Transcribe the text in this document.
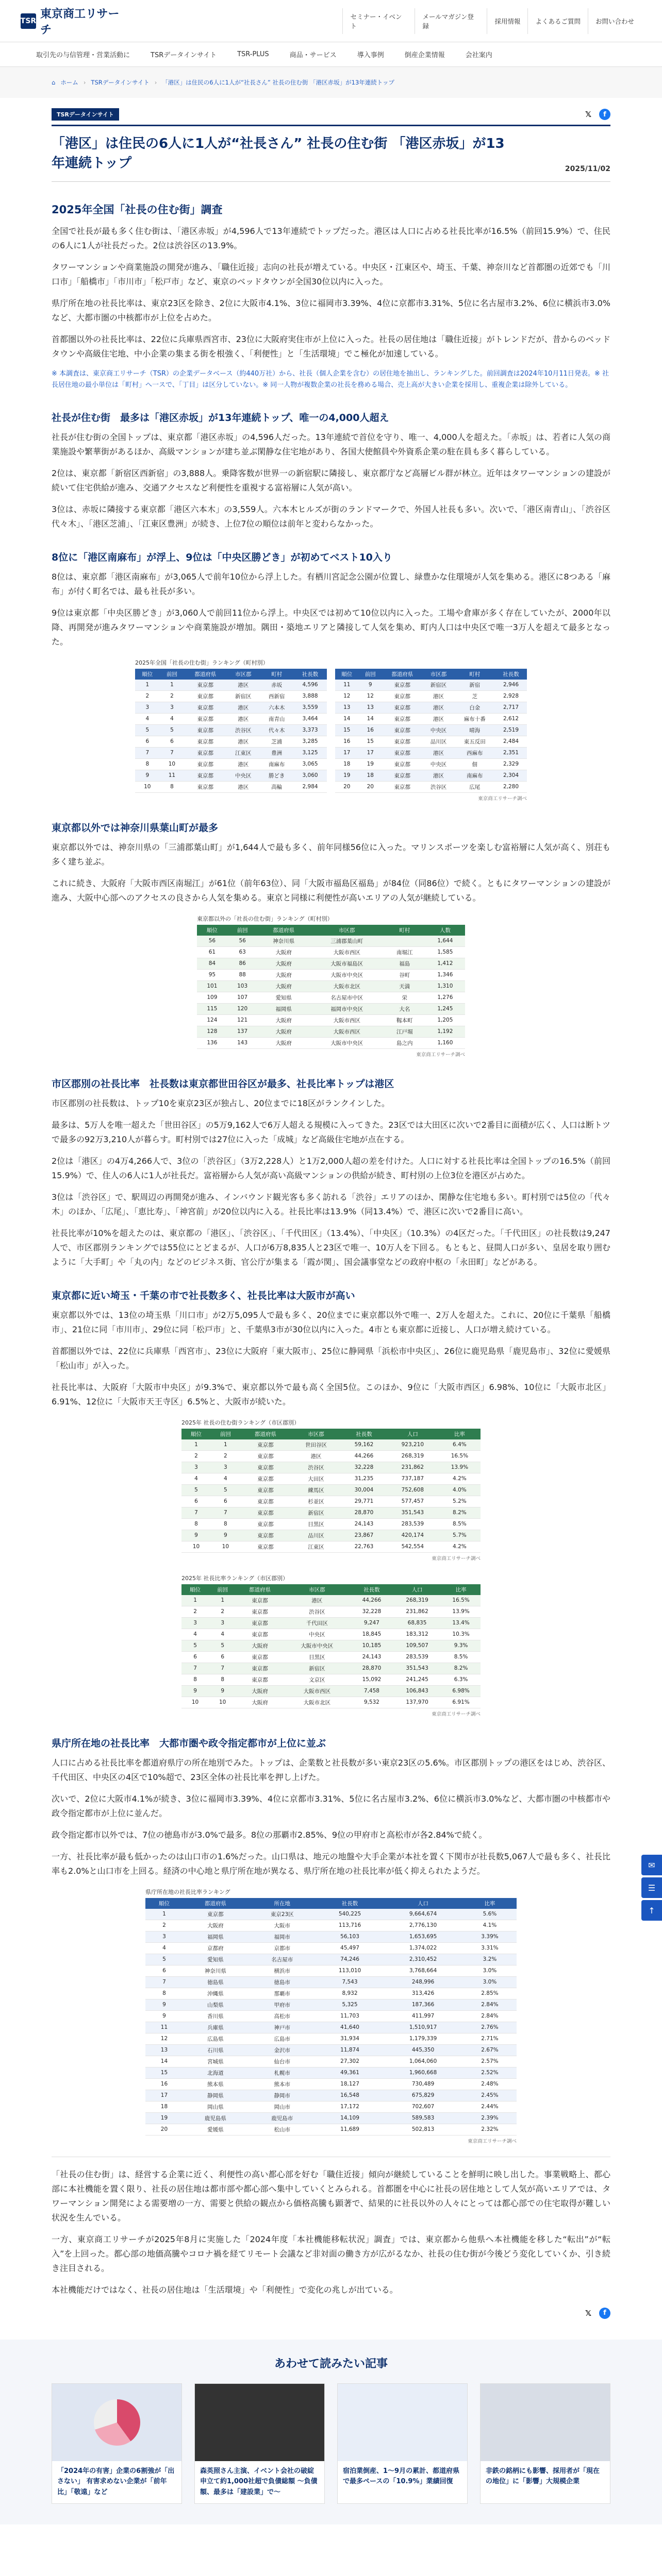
TSR
東京商工リサーチ
セミナー・イベント
メールマガジン登録
採用情報	よくあるご質問	お問い合わせ
取引先の与信管理・営業活動に	TSRデータインサイト	TSR-PLUS	商品・サービス	導入事例	倒産企業情報	会社案内
⌂ ホーム › TSRデータインサイト › 「港区」は住民の6人に1人が“社長さん” 社長の住む街 「港区赤坂」が13年連続トップ
TSRデータインサイト	𝕏	f
「港区」は住民の6人に1人が“社長さん” 社長の住む街 「港区赤坂」が13年連続トップ	2025/11/02
2025年全国「社長の住む街」調査

全国で社長が最も多く住む街は、「港区赤坂」が4,596人で13年連続でトップだった。港区は人口に占める社長比率が16.5%（前回15.9%）で、住民の6人に1人が社長だった。2位は渋谷区の13.9%。

タワーマンションや商業施設の開発が進み、「職住近接」志向の社長が増えている。中央区・江東区や、埼玉、千葉、神奈川など首都圏の近郊でも「川口市」「船橋市」「市川市」「松戸市」など、東京のベッドタウンが全国30位以内に入った。

県庁所在地の社長比率は、東京23区を除き、2位に大阪市4.1%、3位に福岡市3.39%、4位に京都市3.31%、5位に名古屋市3.2%、6位に横浜市3.0%など、大都市圏の中核都市が上位を占めた。

首都圏以外の社長比率は、22位に兵庫県西宮市、23位に大阪府実住市が上位に入った。社長の居住地は「職住近接」がトレンドだが、昔からのベッドタウンや高級住宅地、中小企業の集まる街を根強く、「利便性」と「生活環境」でこ極化が加速している。

※ 本調査は、東京商工リサーチ（TSR）の企業データベース（約440万社）から、社長（個人企業を含む）の居住地を抽出し、ランキングした。前回調査は2024年10月11日発表。※ 社長居住地の最小単位は「町村」へ一スで、「丁目」は区分していない。※ 同一人物が複数企業の社長を務める場合、売上高が大きい企業を採用し、重複企業は除外している。

社長が住む街　最多は「港区赤坂」が13年連続トップ、唯一の4,000人超え

社長が住む街の全国トップは、東京都「港区赤坂」の4,596人だった。13年連続で首位を守り、唯一、4,000人を超えた。「赤坂」は、若者に人気の商業施設や繁華街があるほか、高級マンションが建ち並ぶ閑静な住宅地があり、各国大使館員や外資系企業の駐在員も多く暮らしている。

2位は、東京都「新宿区西新宿」の3,888人。乗降客数が世界一の新宿駅に隣接し、東京都庁など高層ビル群が林立。近年はタワーマンションの建設が続いて住宅供給が進み、交通アクセスなど利便性を重視する富裕層に人気が高い。

3位は、赤坂に隣接する東京都「港区六本木」の3,559人。六本木ヒルズが街のランドマークで、外国人社長も多い。次いで、「港区南青山」、「渋谷区代々木」、「港区芝浦」、「江東区豊洲」が続き、上位7位の順位は前年と変わらなかった。

8位に「港区南麻布」が浮上、9位は「中央区勝どき」が初めてベスト10入り

8位は、東京都「港区南麻布」が3,065人で前年10位から浮上した。有栖川宮記念公園が位置し、緑豊かな住環境が人気を集める。港区に8つある「麻布」が付く町名では、最も社長が多い。

9位は東京都「中央区勝どき」が3,060人で前回11位から浮上。中央区では初めて10位以内に入った。工場や倉庫が多く存在していたが、2000年以降、再開発が進みタワーマンションや商業施設が増加。隅田・築地エリアと隣接して人気を集め、町内人口は中央区で唯一3万人を超えて最多となった。

2025年全国「社長の住む街」ランキング（町村別）
順位	前回	都道府県	市区郡	町村	社長数
1	1	東京都	港区	赤坂	4,596
2	2	東京都	新宿区	西新宿	3,888
3	3	東京都	港区	六本木	3,559
4	4	東京都	港区	南青山	3,464
5	5	東京都	渋谷区	代々木	3,373
6	6	東京都	港区	芝浦	3,285
7	7	東京都	江東区	豊洲	3,125
8	10	東京都	港区	南麻布	3,065
9	11	東京都	中央区	勝どき	3,060
10	8	東京都	港区	高輪	2,984
順位	前回	都道府県	市区郡	町村	社長数
11	9	東京都	新宿区	新宿	2,946
12	12	東京都	港区	芝	2,928
13	13	東京都	港区	白金	2,717
14	14	東京都	港区	麻布十番	2,612
15	16	東京都	中央区	晴海	2,519
16	15	東京都	品川区	東五反田	2,484
17	17	東京都	港区	西麻布	2,351
18	19	東京都	中央区	佃	2,329
19	18	東京都	港区	南麻布	2,304
20	20	東京都	渋谷区	広尾	2,280
東京商工リサーチ調べ
東京都以外では神奈川県葉山町が最多

東京都以外では、神奈川県の「三浦郡葉山町」が1,644人で最も多く、前年同様56位に入った。マリンスポーツを楽しむ富裕層に人気が高く、別荘も多く建ち並ぶ。

これに続き、大阪府「大阪市西区南堀江」が61位（前年63位）、同「大阪市福島区福島」が84位（同86位）で続く。ともにタワーマンションの建設が進み、大阪中心部へのアクセスの良さから人気を集める。東京と同様に利便性が高いエリアの人気が継続している。

東京都以外の「社長の住む街」ランキング（町村別）
順位	前回	都道府県	市区郡	町村	人数
56	56	神奈川県	三浦郡葉山町		1,644
61	63	大阪府	大阪市西区	南堀江	1,585
84	86	大阪府	大阪市福島区	福島	1,412
95	88	大阪府	大阪市中央区	谷町	1,346
101	103	大阪府	大阪市北区	天満	1,310
109	107	愛知県	名古屋市中区	栄	1,276
115	120	福岡県	福岡市中央区	大名	1,245
124	121	大阪府	大阪市西区	靱本町	1,205
128	137	大阪府	大阪市西区	江戸堀	1,192
136	143	大阪府	大阪市中央区	島之内	1,160
東京商工リサーチ調べ
市区郡別の社長比率　社長数は東京都世田谷区が最多、社長比率トップは港区

市区郡別の社長数は、トップ10を東京23区が独占し、20位までに18区がランクインした。

最多は、5万人を唯一超えた「世田谷区」の5万9,162人で6万人超える規模に入ってきた。23区では大田区に次いで2番目に面積が広く、人口は断トツで最多の92万3,210人が暮らす。町村別では27位に入った「成城」など高級住宅地が点在する。

2位は「港区」の4万4,266人で、3位の「渋谷区」（3万2,228人）と1万2,000人超の差を付けた。人口に対する社長比率は全国トップの16.5%（前回15.9%）で、住人の6人に1人が社長だ。富裕層から人気が高い高級マンションの供給が続き、町村別の上位3位を港区が占めた。

3位は「渋谷区」で、駅周辺の再開発が進み、インバウンド観光客も多く訪れる「渋谷」エリアのほか、閑静な住宅地も多い。町村別では5位の「代々木」のほか、「広尾」、「恵比寿」、「神宮前」が20位以内に入る。社長比率は13.9%（同13.4%）で、港区に次いで2番目に高い。

社長比率が10%を超えたのは、東京都の「港区」、「渋谷区」、「千代田区」（13.4%）、「中央区」（10.3%）の4区だった。「千代田区」の社長数は9,247人で、市区郡別ランキングでは55位にとどまるが、人口が6万8,835人と23区で唯一、10万人を下回る。もともと、昼間人口が多い、皇居を取り囲むように「大手町」や「丸の内」などのビジネス街、官公庁が集まる「霞が関」、国会議事堂などの政府中枢の「永田町」などがある。

東京都に近い埼玉・千葉の市で社長数多く、社長比率は大阪市が高い

東京都以外では、13位の埼玉県「川口市」が2万5,095人で最も多く、20位までに東京都以外で唯一、2万人を超えた。これに、20位に千葉県「船橋市」、21位に同「市川市」、29位に同「松戸市」と、千葉県3市が30位以内に入った。4市とも東京都に近接し、人口が増え続けている。

首都圏以外では、22位に兵庫県「西宮市」、23位に大阪府「東大阪市」、25位に静岡県「浜松市中央区」、26位に鹿児島県「鹿児島市」、32位に愛媛県「松山市」が入った。

社長比率は、大阪府「大阪市中央区」が9.3%で、東京都以外で最も高く全国5位。このほか、9位に「大阪市西区」6.98%、10位に「大阪市北区」6.91%、12位に「大阪市天王寺区」6.5%と、大阪市が続いた。

2025年 社長の住む街ランキング（市区郡別）
順位	前回	都道府県	市区郡	社長数	人口	比率
1	1	東京都	世田谷区	59,162	923,210	6.4%
2	2	東京都	港区	44,266	268,319	16.5%
3	3	東京都	渋谷区	32,228	231,862	13.9%
4	4	東京都	大田区	31,235	737,187	4.2%
5	5	東京都	練馬区	30,004	752,608	4.0%
6	6	東京都	杉並区	29,771	577,457	5.2%
7	7	東京都	新宿区	28,870	351,543	8.2%
8	8	東京都	目黒区	24,143	283,539	8.5%
9	9	東京都	品川区	23,867	420,174	5.7%
10	10	東京都	江東区	22,763	542,554	4.2%
東京商工リサーチ調べ
2025年 社長比率ランキング（市区郡別）
順位	前回	都道府県	市区郡	社長数	人口	比率
1	1	東京都	港区	44,266	268,319	16.5%
2	2	東京都	渋谷区	32,228	231,862	13.9%
3	3	東京都	千代田区	9,247	68,835	13.4%
4	4	東京都	中央区	18,845	183,312	10.3%
5	5	大阪府	大阪市中央区	10,185	109,507	9.3%
6	6	東京都	目黒区	24,143	283,539	8.5%
7	7	東京都	新宿区	28,870	351,543	8.2%
8	8	東京都	文京区	15,092	241,245	6.3%
9	9	大阪府	大阪市西区	7,458	106,843	6.98%
10	10	大阪府	大阪市北区	9,532	137,970	6.91%
東京商工リサーチ調べ
県庁所在地の社長比率　大都市圏や政令指定都市が上位に並ぶ

人口に占める社長比率を都道府県庁の所在地別でみた。トップは、企業数と社長数が多い東京23区の5.6%。市区郡別トップの港区をはじめ、渋谷区、千代田区、中央区の4区で10%超で、23区全体の社長比率を押し上げた。

次いで、2位に大阪市4.1%が続き、3位に福岡市3.39%、4位に京都市3.31%、5位に名古屋市3.2%、6位に横浜市3.0%など、大都市圏の中核都市や政令指定都市が上位に並んだ。

政令指定都市以外では、7位の徳島市が3.0%で最多。8位の那覇市2.85%、9位の甲府市と高松市が各2.84%で続く。

一方、社長比率が最も低かったのは山口市の1.6%だった。山口県は、地元の地盤や大手企業が本社を置く下関市が社長数5,067人で最も多く、社長比率も2.0%と山口市を上回る。経済の中心地と県庁所在地が異なる、県庁所在地の社長比率が低く抑えられたようだ。

県庁所在地の社長比率ランキング
順位	都道府県	所在地	社長数	人口	比率
1	東京都	東京23区	540,225	9,664,674	5.6%
2	大阪府	大阪市	113,716	2,776,130	4.1%
3	福岡県	福岡市	56,103	1,653,695	3.39%
4	京都府	京都市	45,497	1,374,022	3.31%
5	愛知県	名古屋市	74,246	2,310,452	3.2%
6	神奈川県	横浜市	113,010	3,768,664	3.0%
7	徳島県	徳島市	7,543	248,996	3.0%
8	沖縄県	那覇市	8,932	313,426	2.85%
9	山梨県	甲府市	5,325	187,366	2.84%
9	香川県	高松市	11,703	411,997	2.84%
11	兵庫県	神戸市	41,640	1,510,917	2.76%
12	広島県	広島市	31,934	1,179,339	2.71%
13	石川県	金沢市	11,874	445,350	2.67%
14	宮城県	仙台市	27,302	1,064,060	2.57%
15	北海道	札幌市	49,361	1,960,668	2.52%
16	熊本県	熊本市	18,127	730,489	2.48%
17	静岡県	静岡市	16,548	675,829	2.45%
18	岡山県	岡山市	17,172	702,607	2.44%
19	鹿児島県	鹿児島市	14,109	589,583	2.39%
20	愛媛県	松山市	11,689	502,813	2.32%
東京商工リサーチ調べ

「社長の住む街」は、経営する企業に近く、利便性の高い都心部を好む「職住近接」傾向が継続していることを鮮明に映し出した。事業戦略上、都心部に本社機能を置く限り、社長の居住地は都市部や都心部へ集中していくとみられる。首都圏を中心に社長の居住地として人気が高いエリアでは、タワーマンション開発による需要増の一方、需要と供給の観点から価格高騰も顕著で、結果的に社長以外の人々にとっては都心部での住宅取得が難しい状況を生んでいる。

一方、東京商工リサーチが2025年8月に実施した「2024年度「本社機能移転状況」調査」では、東京都から他県へ本社機能を移した“転出”が“転入”を上回った。都心部の地価高騰やコロナ禍を経てリモート会議など非対面の働き方が広がるなか、社長の住む街が今後どう変化していくか、引き続き注目される。

本社機能だけではなく、社長の居住地は「生活環境」や「利便性」で変化の兆しが出ている。

𝕏	f
あわせて読みたい記事
「2024年の有害」企業の6割強が「出さない」 有害求めない企業が「前年比」「敬遠」など
森英照さん主演、イベント会社の破綻申立て約1,000社超で負債総額 ～負債額、最多は「建設業」で～
宿泊業倒産、1～9月の累計、都道府県で最多ペースの「10.9%」業績回復
非鉄の銘柄にも影響、採用者が「現在の地位」に「影響」大規模企業
✉
☰
↑
